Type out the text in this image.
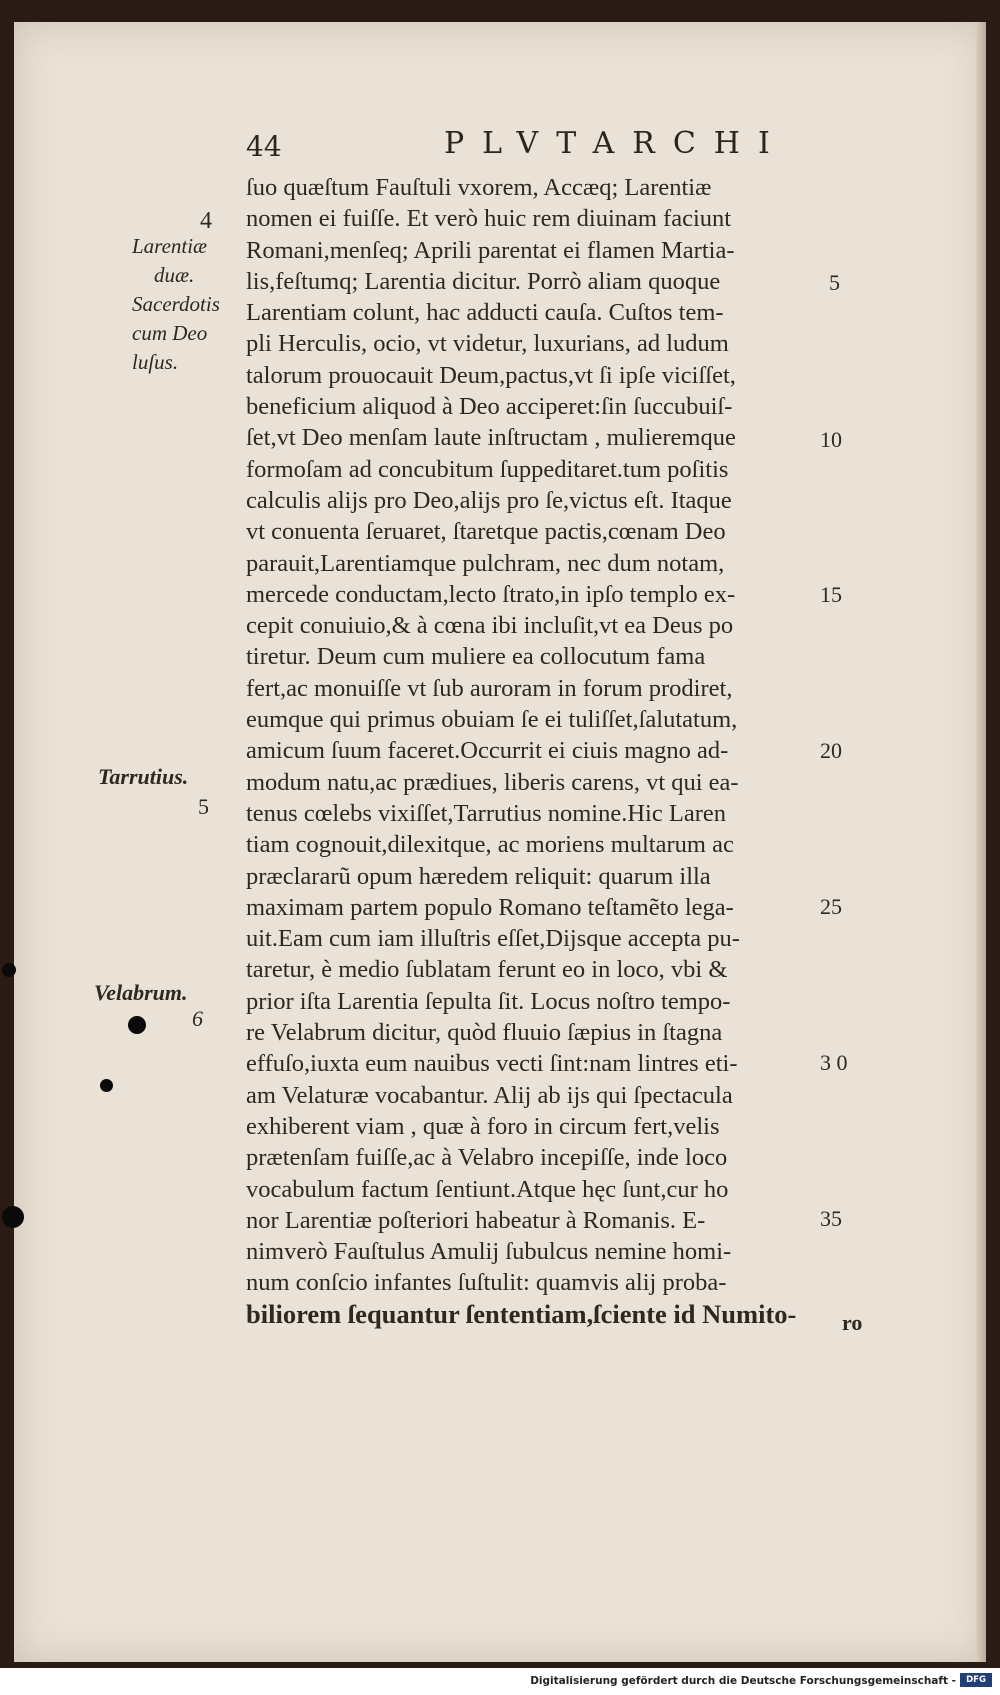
44	PLVTARCHI
ſuo quæſtum Fauſtuli vxorem, Accæq; Larentiæ
nomen ei fuiſſe. Et verò huic rem diuinam faciunt
Romani,menſeq; Aprili parentat ei flamen Martia-
lis,feſtumq; Larentia dicitur. Porrò aliam quoque
Larentiam colunt, hac adducti cauſa. Cuſtos tem-
pli Herculis, ocio, vt videtur, luxurians, ad ludum
talorum prouocauit Deum,pactus,vt ſi ipſe viciſſet,
beneficium aliquod à Deo acciperet:ſin ſuccubuiſ-
ſet,vt Deo menſam laute inſtructam , mulieremque
formoſam ad concubitum ſuppeditaret.tum poſitis
calculis alijs pro Deo,alijs pro ſe,victus eſt. Itaque
vt conuenta ſeruaret, ſtaretque pactis,cœnam Deo
parauit,Larentiamque pulchram, nec dum notam,
mercede conductam,lecto ſtrato,in ipſo templo ex-
cepit conuiuio,& à cœna ibi incluſit,vt ea Deus po
tiretur. Deum cum muliere ea collocutum fama
fert,ac monuiſſe vt ſub auroram in forum prodiret,
eumque qui primus obuiam ſe ei tuliſſet,ſalutatum,
amicum ſuum faceret.Occurrit ei ciuis magno ad-
modum natu,ac prædiues, liberis carens, vt qui ea-
tenus cœlebs vixiſſet,Tarrutius nomine.Hic Laren
tiam cognouit,dilexitque, ac moriens multarum ac
præclararũ opum hæredem reliquit: quarum illa
maximam partem populo Romano teſtamẽto lega-
uit.Eam cum iam illuſtris eſſet,Dijsque accepta pu-
taretur, è medio ſublatam ferunt eo in loco, vbi &
prior iſta Larentia ſepulta ſit. Locus noſtro tempo-
re Velabrum dicitur, quòd fluuio ſæpius in ſtagna
effuſo,iuxta eum nauibus vecti ſint:nam lintres eti-
am Velaturæ vocabantur. Alij ab ijs qui ſpectacula
exhiberent viam , quæ à foro in circum fert,velis
prætenſam fuiſſe,ac à Velabro incepiſſe, inde loco
vocabulum factum ſentiunt.Atque hęc ſunt,cur ho
nor Larentiæ poſteriori habeatur à Romanis. E-
nimverò Fauſtulus Amulij ſubulcus nemine homi-
num conſcio infantes ſuſtulit: quamvis alij proba-
biliorem ſequantur ſententiam,ſciente id Numito-	ro
5
10
15
20
25
3 0
35
4
5
6
Larentiæ
duæ.
Sacerdotis
cum Deo
luſus.
Tarrutius.
Velabrum.
Digitalisierung gefördert durch die Deutsche Forschungsgemeinschaft -	DFG
